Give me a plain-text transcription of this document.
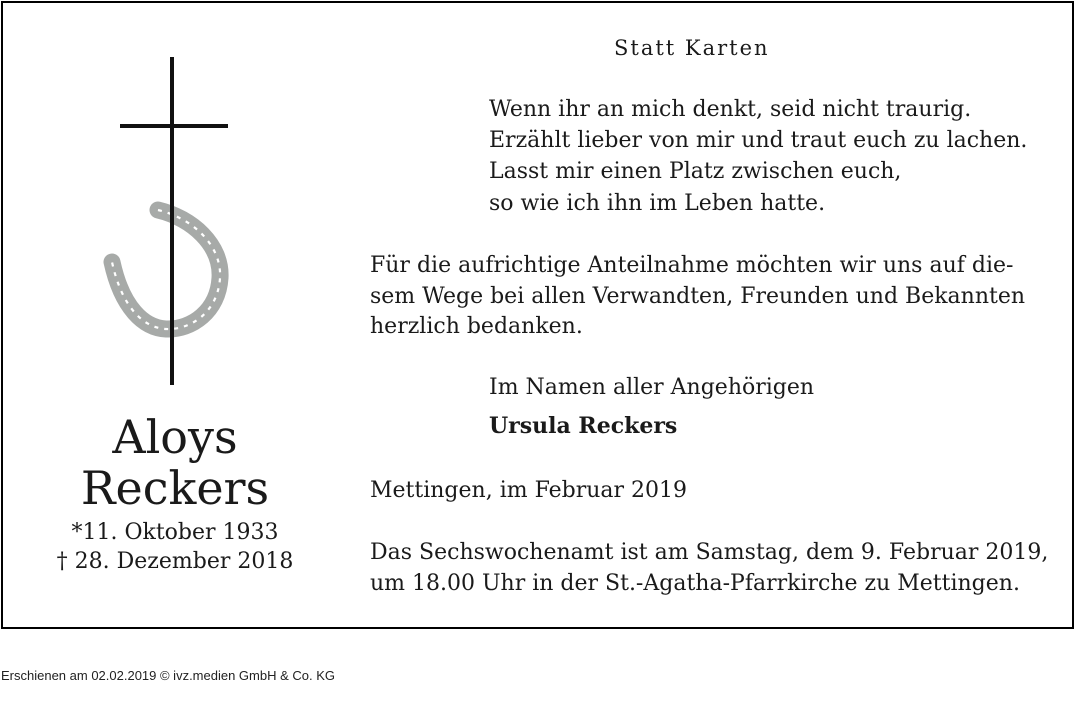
Statt Karten
Wenn ihr an mich denkt, seid nicht traurig.
Erzählt lieber von mir und traut euch zu lachen.
Lasst mir einen Platz zwischen euch,
so wie ich ihn im Leben hatte.
Für die aufrichtige Anteilnahme möchten wir uns auf die-
sem Wege bei allen Verwandten, Freunden und Bekannten
herzlich bedanken.
Im Namen aller Angehörigen
Ursula Reckers
Mettingen, im Februar 2019
Das Sechswochenamt ist am Samstag, dem 9. Februar 2019,
um 18.00 Uhr in der St.-Agatha-Pfarrkirche zu Mettingen.
Aloys
Reckers
*11. Oktober 1933
† 28. Dezember 2018
Erschienen am 02.02.2019 © ivz.medien GmbH & Co. KG
